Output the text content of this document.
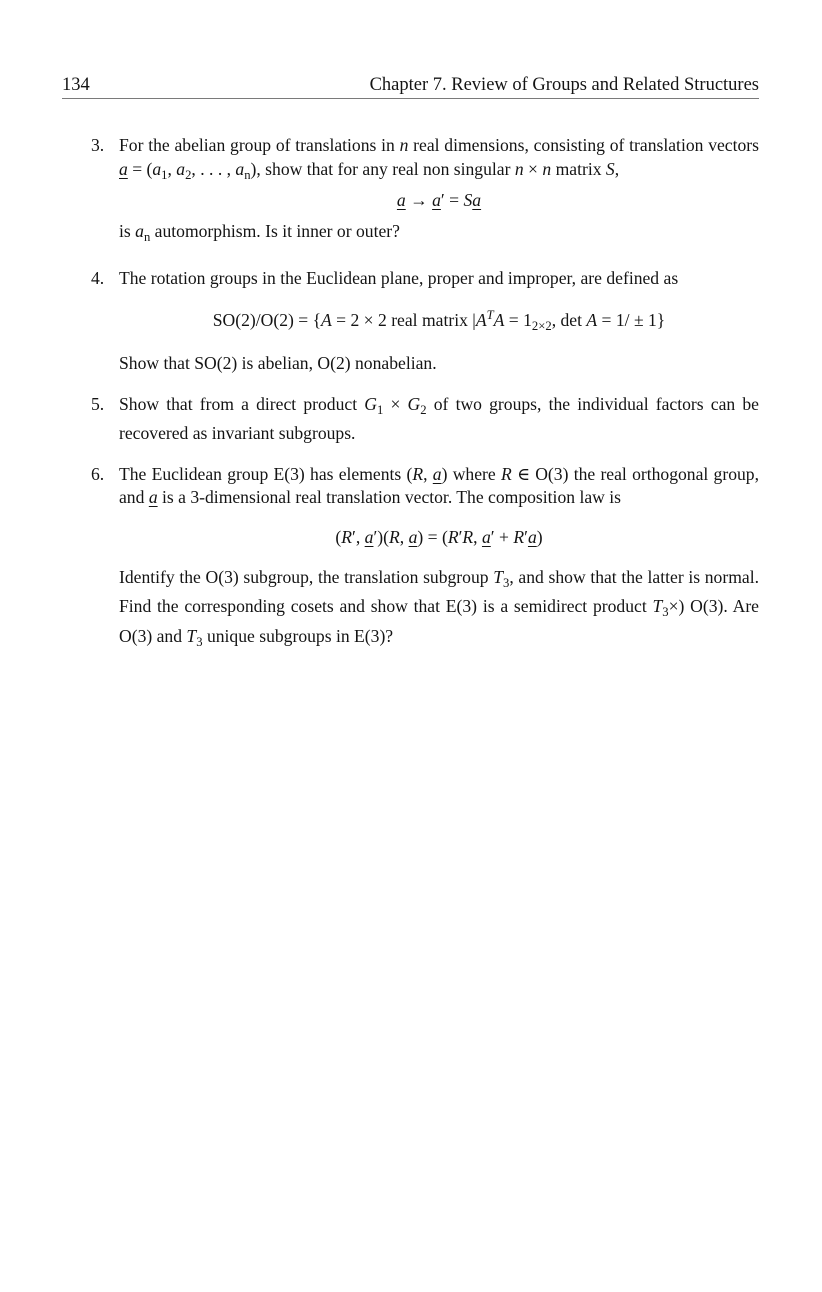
134	Chapter 7. Review of Groups and Related Structures
3. For the abelian group of translations in n real dimensions, consisting of translation vectors $a = (a_1$, $a_2$, . . . , $a_n$), show that for any real non singular n × n matrix S,

a → a′ = Sa

is $a_n$ automorphism. Is it inner or outer?

4. The rotation groups in the Euclidean plane, proper and improper, are defined as

SO(2)/O(2) = {A = 2 × 2 real matrix $|A^TA = 1_{2\times 2}$, det A = 1/ ± 1}

Show that SO(2) is abelian, O(2) nonabelian.

5. Show that from a direct product $G_1 \times G_2$ of two groups, the individual factors can be recovered as invariant subgroups.

6. The Euclidean group E(3) has elements (R, a) where R ∈ O(3) the real orthogonal group, and a is a 3-dimensional real translation vector. The composition law is

(R′, a′)(R, a) = (R′R, a′ + R′a)

Identify the O(3) subgroup, the translation subgroup $T_3$, and show that the latter is normal. Find the corresponding cosets and show that E(3) is a semidirect product $T_3\times$) O(3). Are O(3) and $T_3$ unique subgroups in E(3)?
